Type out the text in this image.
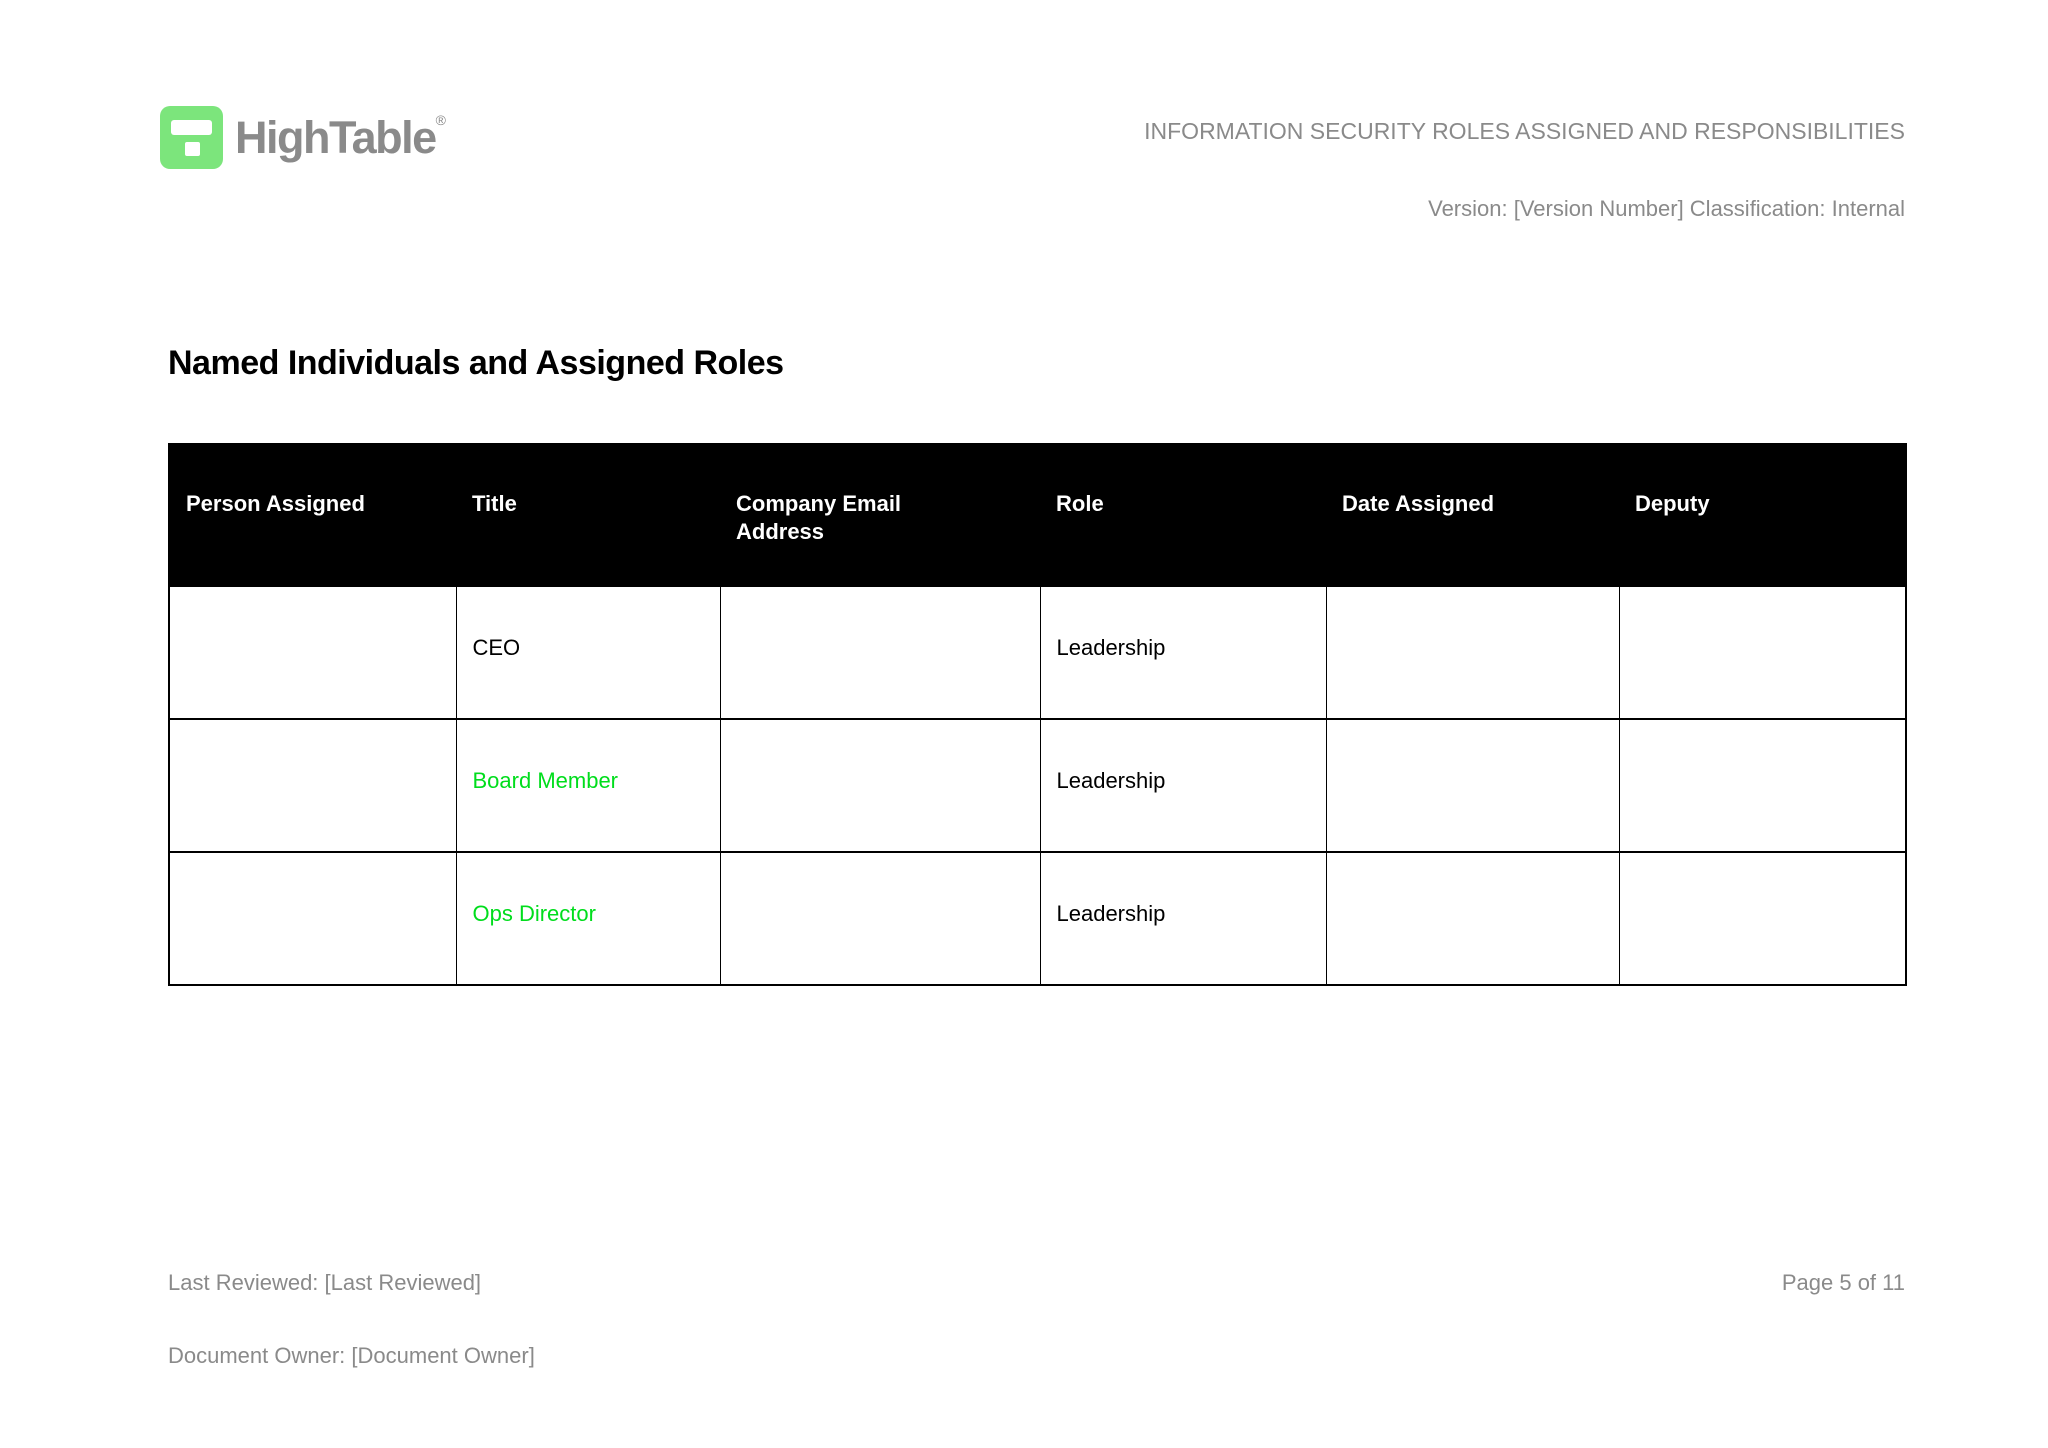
HighTable®	INFORMATION SECURITY ROLES ASSIGNED AND RESPONSIBILITIES
Version: [Version Number] Classification: Internal
Named Individuals and Assigned Roles
Person Assigned	Title	Company Email Address	Role	Date Assigned	Deputy
	CEO		Leadership		
	Board Member		Leadership		
	Ops Director		Leadership		
Last Reviewed: [Last Reviewed]	Page 5 of 11
Document Owner: [Document Owner]
